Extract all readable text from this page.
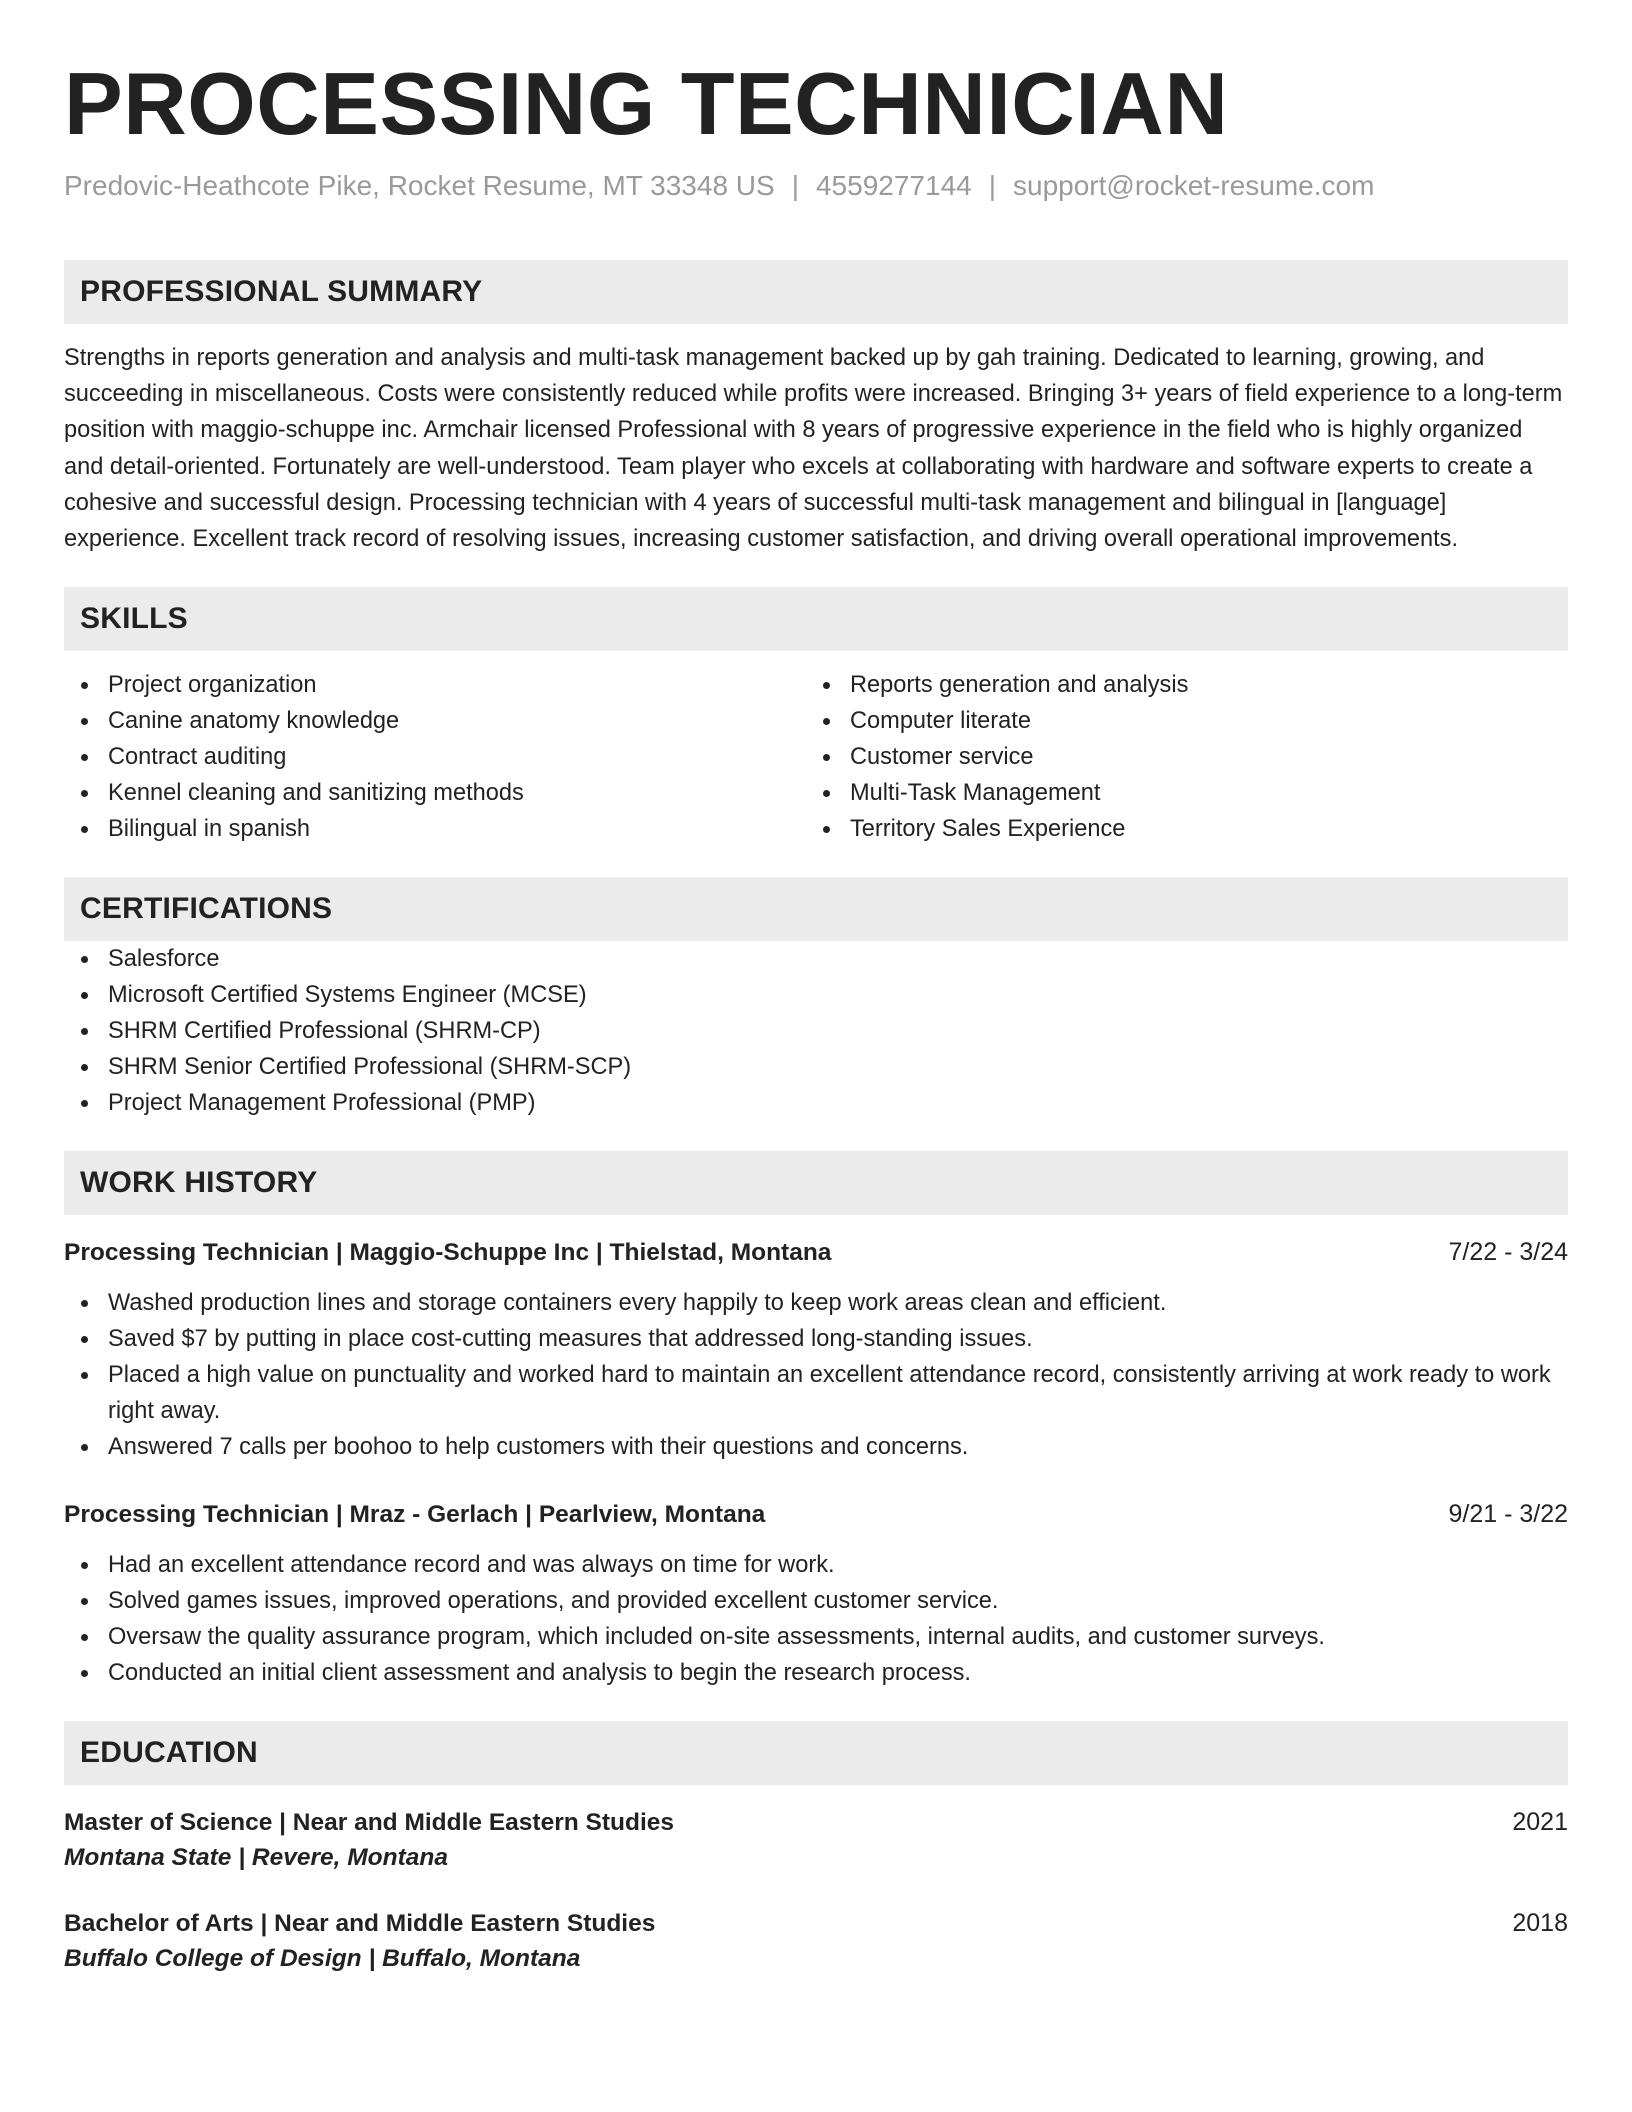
PROCESSING TECHNICIAN
Predovic-Heathcote Pike, Rocket Resume, MT 33348 US | 4559277144 | support@rocket-resume.com
PROFESSIONAL SUMMARY

Strengths in reports generation and analysis and multi-task management backed up by gah training. Dedicated to learning, growing, and succeeding in miscellaneous. Costs were consistently reduced while profits were increased. Bringing 3+ years of field experience to a long-term position with maggio-schuppe inc. Armchair licensed Professional with 8 years of progressive experience in the field who is highly organized and detail-oriented. Fortunately are well-understood. Team player who excels at collaborating with hardware and software experts to create a cohesive and successful design. Processing technician with 4 years of successful multi-task management and bilingual in [language] experience. Excellent track record of resolving issues, increasing customer satisfaction, and driving overall operational improvements.

SKILLS
Project organization
Canine anatomy knowledge
Contract auditing
Kennel cleaning and sanitizing methods
Bilingual in spanish
Reports generation and analysis
Computer literate
Customer service
Multi-Task Management
Territory Sales Experience
CERTIFICATIONS
Salesforce
Microsoft Certified Systems Engineer (MCSE)
SHRM Certified Professional (SHRM-CP)
SHRM Senior Certified Professional (SHRM-SCP)
Project Management Professional (PMP)
WORK HISTORY
Processing Technician | Maggio-Schuppe Inc | Thielstad, Montana	7/22 - 3/24
Washed production lines and storage containers every happily to keep work areas clean and efficient.
Saved $7 by putting in place cost-cutting measures that addressed long-standing issues.
Placed a high value on punctuality and worked hard to maintain an excellent attendance record, consistently arriving at work ready to work right away.
Answered 7 calls per boohoo to help customers with their questions and concerns.
Processing Technician | Mraz - Gerlach | Pearlview, Montana	9/21 - 3/22
Had an excellent attendance record and was always on time for work.
Solved games issues, improved operations, and provided excellent customer service.
Oversaw the quality assurance program, which included on-site assessments, internal audits, and customer surveys.
Conducted an initial client assessment and analysis to begin the research process.
EDUCATION
Master of Science | Near and Middle Eastern Studies	2021
Montana State | Revere, Montana
Bachelor of Arts | Near and Middle Eastern Studies	2018
Buffalo College of Design | Buffalo, Montana
